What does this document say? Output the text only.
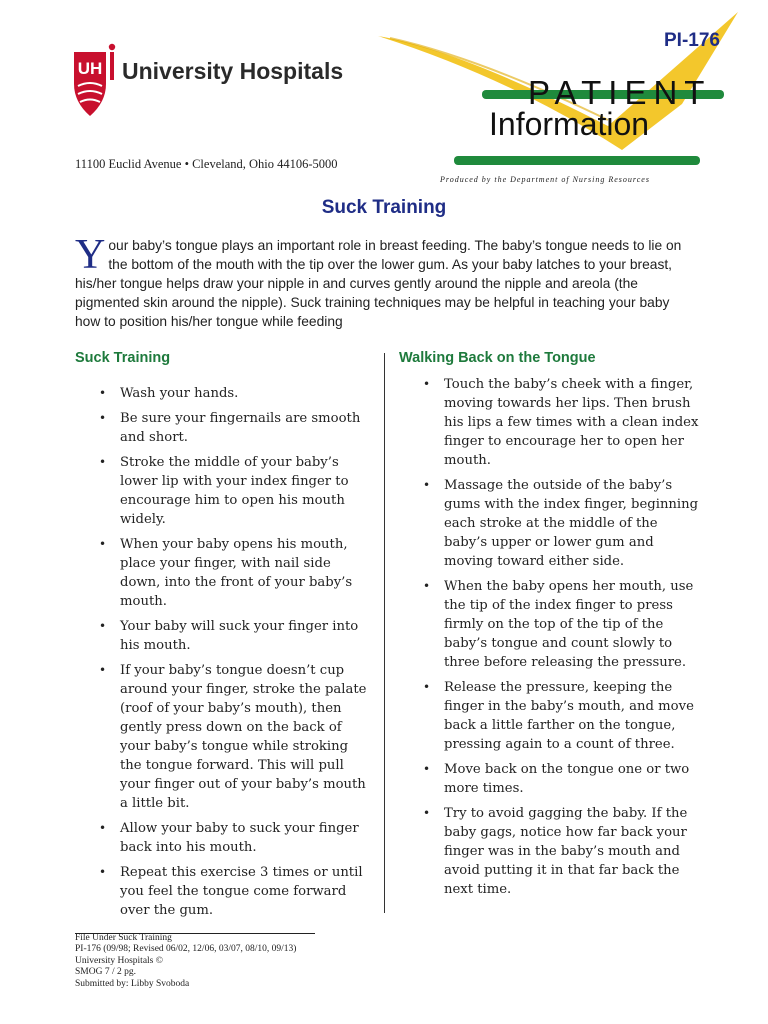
UH University Hospitals
11100 Euclid Avenue • Cleveland, Ohio 44106-5000
PI-176
PATIENT
Information
Produced by the Department of Nursing Resources
Suck Training
Your baby’s tongue plays an important role in breast feeding. The baby’s tongue needs to lie on the bottom of the mouth with the tip over the lower gum. As your baby latches to your breast, his/her tongue helps draw your nipple in and curves gently around the nipple and areola (the pigmented skin around the nipple). Suck training techniques may be helpful in teaching your baby how to position his/her tongue while feeding
Suck Training	Walking Back on the Tongue
• Wash your hands.
• Be sure your fingernails are smooth and short.
• Stroke the middle of your baby’s lower lip with your index finger to encourage him to open his mouth widely.
• When your baby opens his mouth, place your finger, with nail side down, into the front of your baby’s mouth.
• Your baby will suck your finger into his mouth.
• If your baby’s tongue doesn’t cup around your finger, stroke the palate (roof of your baby’s mouth), then gently press down on the back of your baby’s tongue while stroking the tongue forward. This will pull your finger out of your baby’s mouth a little bit.
• Allow your baby to suck your finger back into his mouth.
• Repeat this exercise 3 times or until you feel the tongue come forward over the gum.
• Touch the baby’s cheek with a finger, moving towards her lips. Then brush his lips a few times with a clean index finger to encourage her to open her mouth.
• Massage the outside of the baby’s gums with the index finger, beginning each stroke at the middle of the baby’s upper or lower gum and moving toward either side.
• When the baby opens her mouth, use the tip of the index finger to press firmly on the top of the tip of the baby’s tongue and count slowly to three before releasing the pressure.
• Release the pressure, keeping the finger in the baby’s mouth, and move back a little farther on the tongue, pressing again to a count of three.
• Move back on the tongue one or two more times.
• Try to avoid gagging the baby. If the baby gags, notice how far back your finger was in the baby’s mouth and avoid putting it in that far back the next time.
File Under Suck Training
PI-176 (09/98; Revised 06/02, 12/06, 03/07, 08/10, 09/13)
University Hospitals ©
SMOG 7 / 2 pg.
Submitted by: Libby Svoboda
